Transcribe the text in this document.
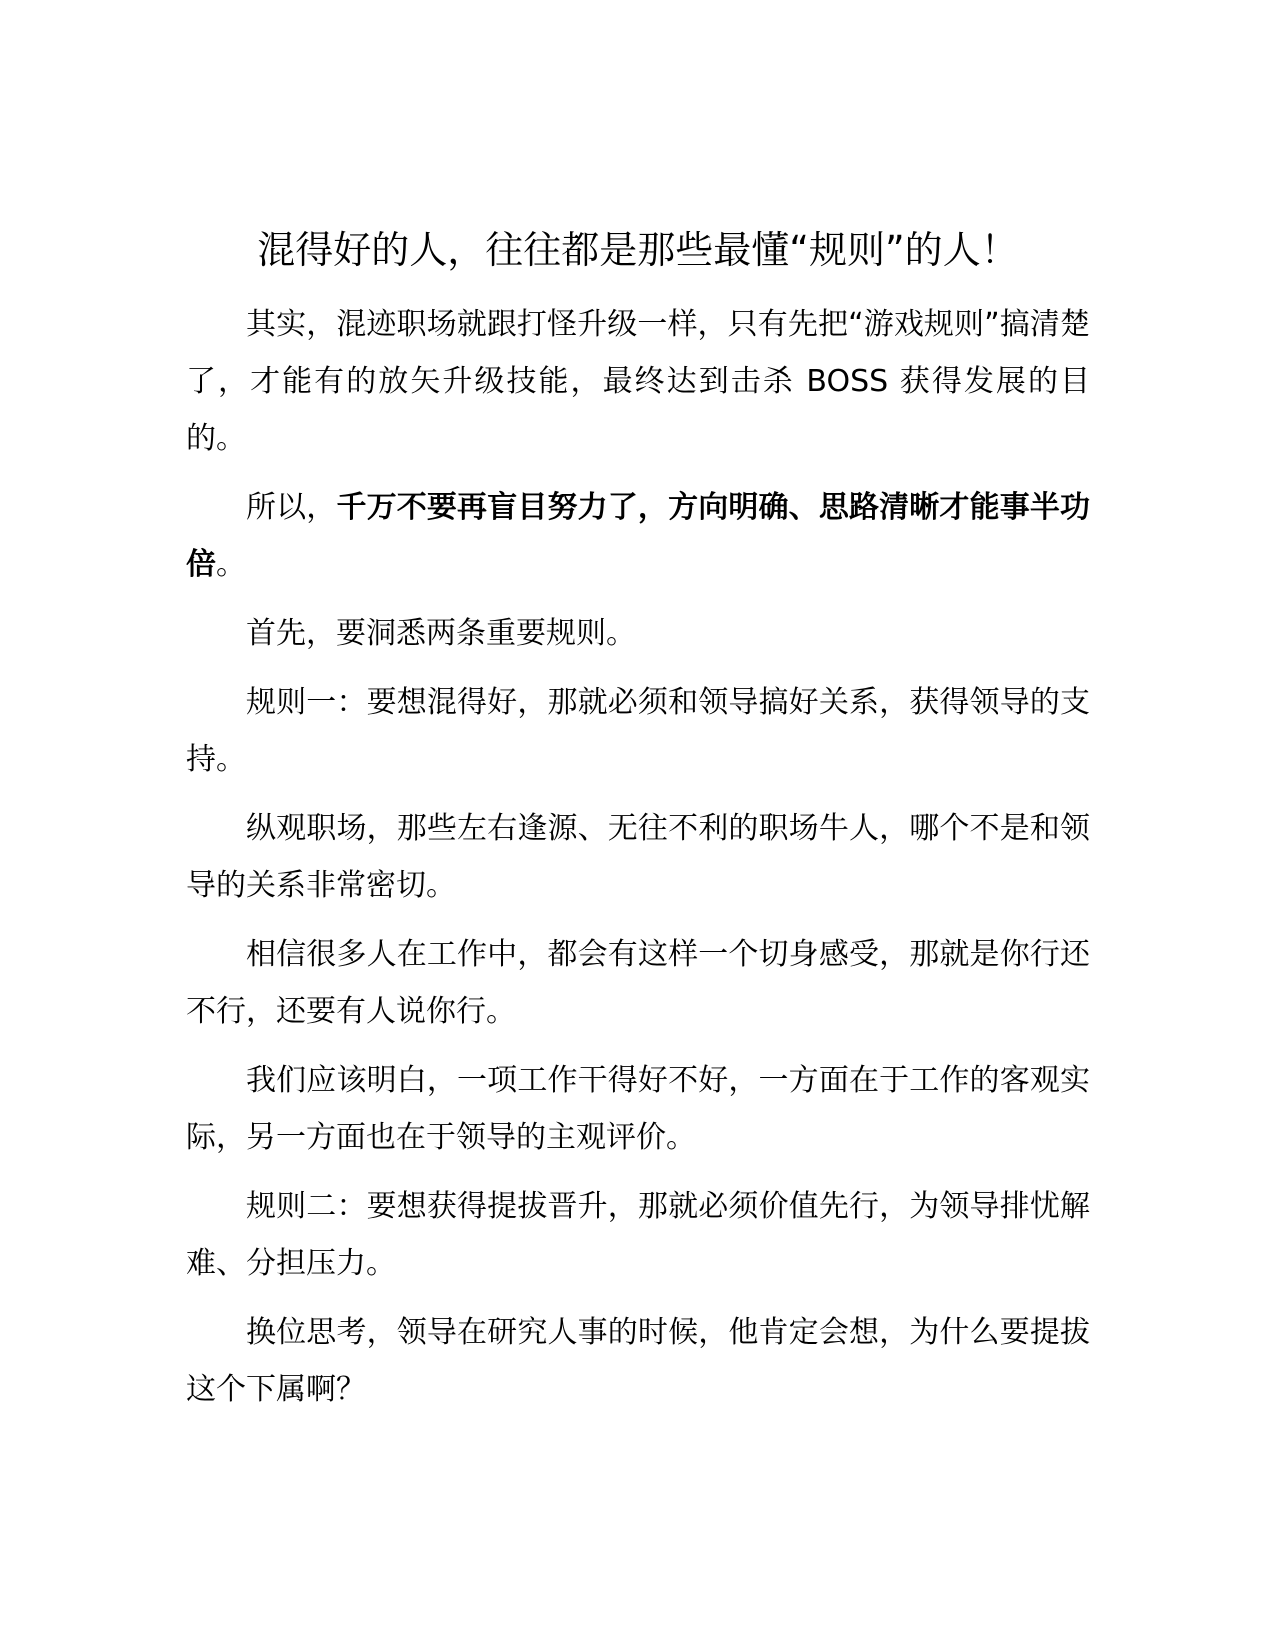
混得好的人，往往都是那些最懂“规则”的人！

其实，混迹职场就跟打怪升级一样，只有先把“游戏规则”搞清楚了，才能有的放矢升级技能，最终达到击杀 BOSS 获得发展的目的。

所以，千万不要再盲目努力了，方向明确、思路清晰才能事半功倍。

首先，要洞悉两条重要规则。

规则一：要想混得好，那就必须和领导搞好关系，获得领导的支持。

纵观职场，那些左右逢源、无往不利的职场牛人，哪个不是和领导的关系非常密切。

相信很多人在工作中，都会有这样一个切身感受，那就是你行还不行，还要有人说你行。

我们应该明白，一项工作干得好不好，一方面在于工作的客观实际，另一方面也在于领导的主观评价。

规则二：要想获得提拔晋升，那就必须价值先行，为领导排忧解难、分担压力。

换位思考，领导在研究人事的时候，他肯定会想，为什么要提拔这个下属啊？
